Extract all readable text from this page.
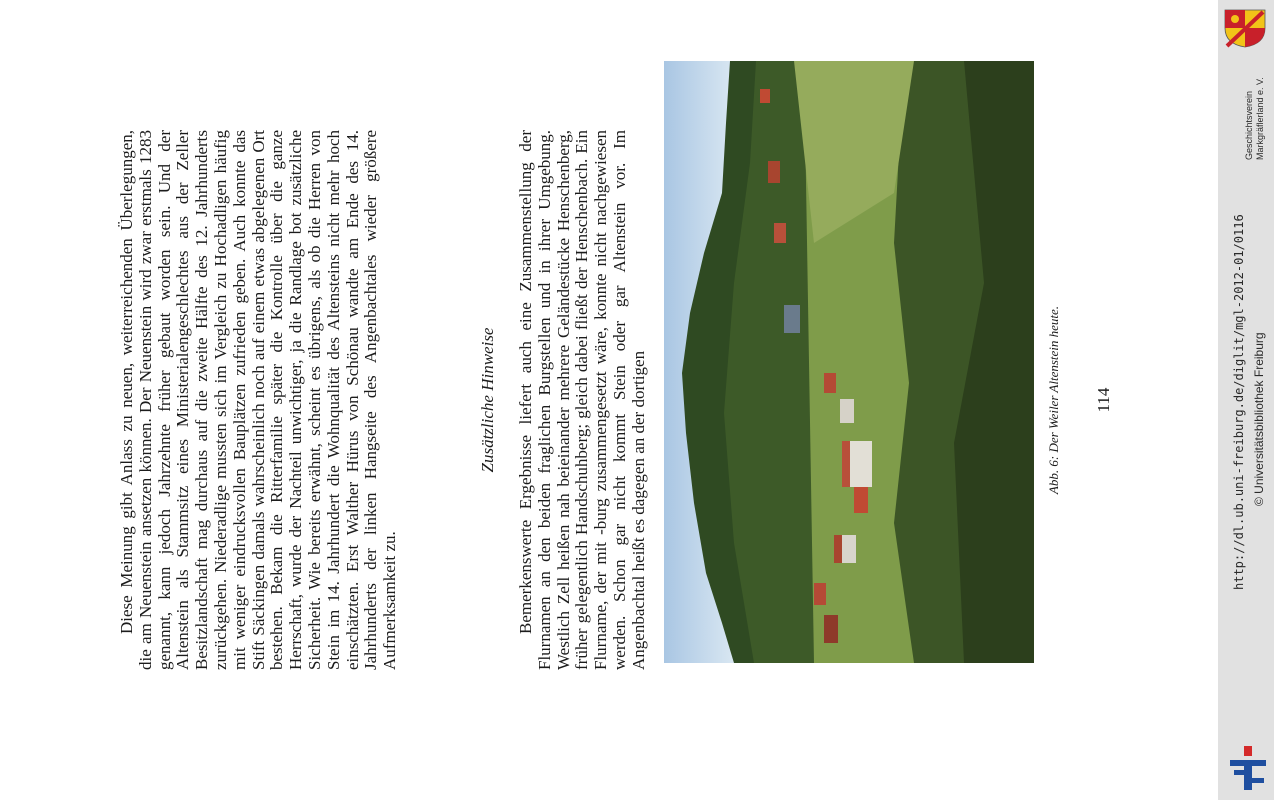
Diese Meinung gibt Anlass zu neuen, weiterreichenden Überlegungen, die am Neuenstein ansetzen können. Der Neuenstein wird zwar erstmals 1283 genannt, kann jedoch Jahrzehnte früher gebaut worden sein. Und der Altenstein als Stammsitz eines Ministerialengeschlechtes aus der Zeller Besitzlandschaft mag durchaus auf die zweite Hälfte des 12. Jahrhunderts zurückgehen. Niederadlige mussten sich im Vergleich zu Hochadligen häufig mit weniger eindrucksvollen Bauplätzen zufrieden geben. Auch konnte das Stift Säckingen damals wahrscheinlich noch auf einem etwas abgelegenen Ort bestehen. Bekam die Ritterfamilie später die Kontrolle über die ganze Herrschaft, wurde der Nachteil unwichtiger, ja die Randlage bot zusätzliche Sicherheit. Wie bereits erwähnt, scheint es übrigens, als ob die Herren von Stein im 14. Jahrhundert die Wohnqualität des Altensteins nicht mehr hoch einschätzten. Erst Walther Hürus von Schönau wandte am Ende des 14. Jahrhunderts der linken Hangseite des Angenbachtales wieder größere Aufmerksamkeit zu.

Zusätzliche Hinweise Bemerkenswerte Ergebnisse liefert auch eine Zusammenstellung der Flurnamen an den beiden fraglichen Burgstellen und in ihrer Umgebung. Westlich Zell heißen nah beieinander mehrere Geländestücke Henschenberg, früher gelegentlich Handschuhberg; gleich dabei fließt der Henschenbach. Ein Flurname, der mit -burg zusammengesetzt wäre, konnte nicht nachgewiesen werden. Schon gar nicht kommt Stein oder gar Altenstein vor. Im Angenbachtal heißt es dagegen an der dortigen	Abb. 6: Der Weiler Altenstein heute. 114

Geschichtsverein Markgräflerland e. V.
http://dl.ub.uni-freiburg.de/diglit/mgl-2012-01/0116 © Universitätsbibliothek Freiburg
